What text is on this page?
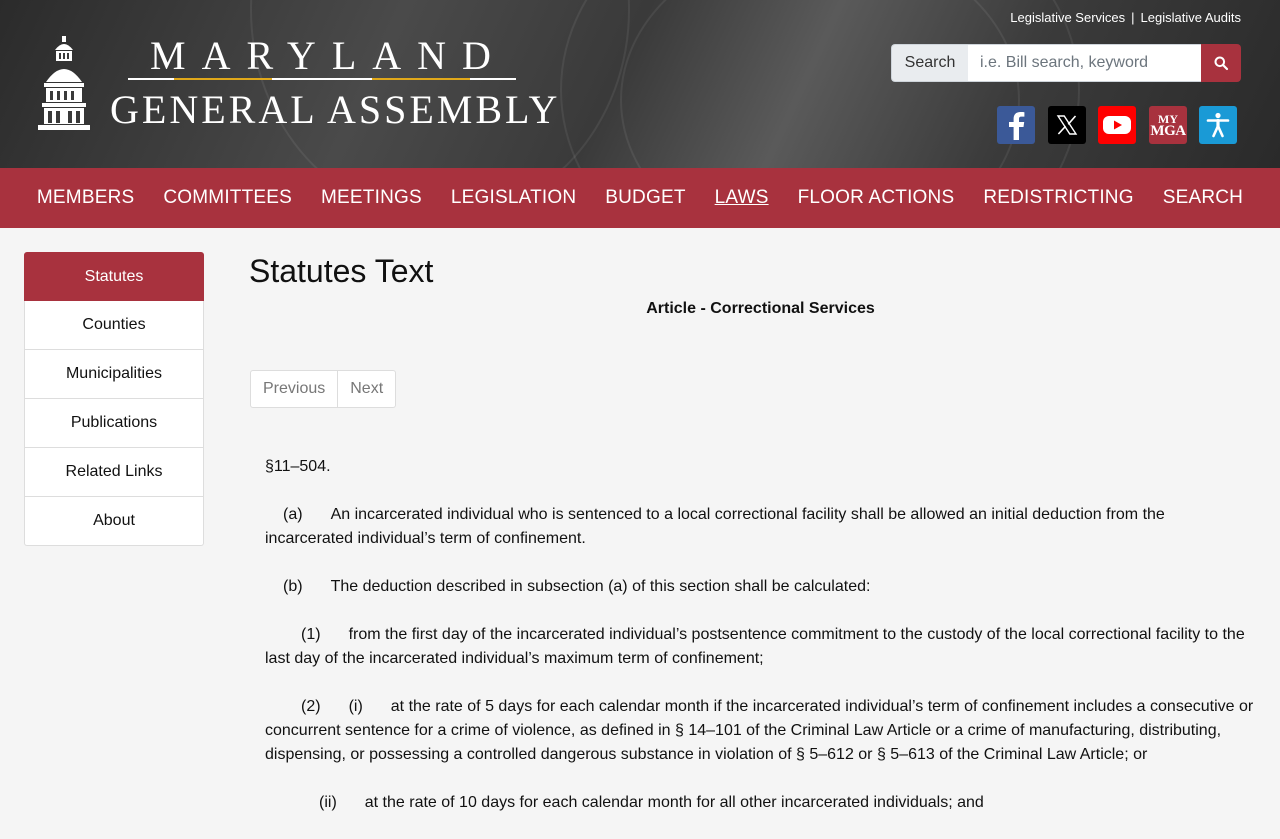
MARYLAND
GENERAL ASSEMBLY
Legislative Services | Legislative Audits
Search
i.e. Bill search, keyword
MY
MGA
MEMBERS COMMITTEES MEETINGS LEGISLATION BUDGET LAWS FLOOR ACTIONS REDISTRICTING SEARCH
Statutes
Counties
Municipalities
Publications
Related Links
About
Statutes Text
Article - Correctional Services
Previous	Next

§11–504.

(a) An incarcerated individual who is sentenced to a local correctional facility shall be allowed an initial deduction from the incarcerated individual’s term of confinement.

(b) The deduction described in subsection (a) of this section shall be calculated:

(1) from the first day of the incarcerated individual’s postsentence commitment to the custody of the local correctional facility to the last day of the incarcerated individual’s maximum term of confinement;

(2) (i) at the rate of 5 days for each calendar month if the incarcerated individual’s term of confinement includes a consecutive or concurrent sentence for a crime of violence, as defined in § 14–101 of the Criminal Law Article or a crime of manufacturing, distributing, dispensing, or possessing a controlled dangerous substance in violation of § 5–612 or § 5–613 of the Criminal Law Article; or

(ii) at the rate of 10 days for each calendar month for all other incarcerated individuals; and
